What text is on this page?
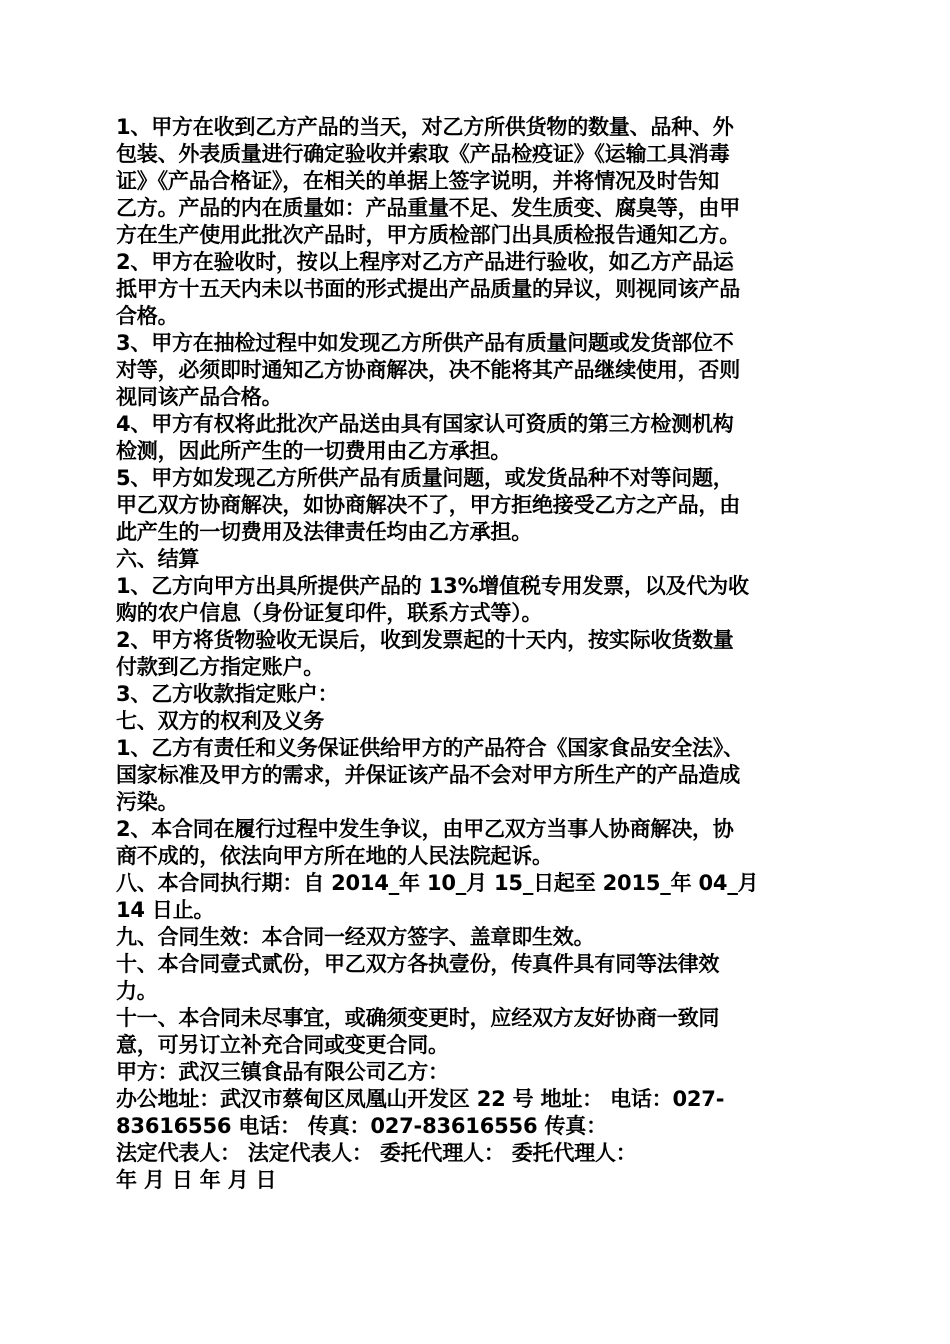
1、甲方在收到乙方产品的当天，对乙方所供货物的数量、品种、外
包装、外表质量进行确定验收并索取《产品检疫证》《运输工具消毒
证》《产品合格证》，在相关的单据上签字说明，并将情况及时告知
乙方。产品的内在质量如：产品重量不足、发生质变、腐臭等，由甲
方在生产使用此批次产品时，甲方质检部门出具质检报告通知乙方。
2、甲方在验收时，按以上程序对乙方产品进行验收，如乙方产品运
抵甲方十五天内未以书面的形式提出产品质量的异议，则视同该产品
合格。
3、甲方在抽检过程中如发现乙方所供产品有质量问题或发货部位不
对等，必须即时通知乙方协商解决，决不能将其产品继续使用，否则
视同该产品合格。
4、甲方有权将此批次产品送由具有国家认可资质的第三方检测机构
检测，因此所产生的一切费用由乙方承担。
5、甲方如发现乙方所供产品有质量问题，或发货品种不对等问题，
甲乙双方协商解决，如协商解决不了，甲方拒绝接受乙方之产品，由
此产生的一切费用及法律责任均由乙方承担。
六、结算
1、乙方向甲方出具所提供产品的 13%增值税专用发票，以及代为收
购的农户信息（身份证复印件，联系方式等）。
2、甲方将货物验收无误后，收到发票起的十天内，按实际收货数量
付款到乙方指定账户。
3、乙方收款指定账户：
七、双方的权利及义务
1、乙方有责任和义务保证供给甲方的产品符合《国家食品安全法》、
国家标准及甲方的需求，并保证该产品不会对甲方所生产的产品造成
污染。
2、本合同在履行过程中发生争议，由甲乙双方当事人协商解决，协
商不成的，依法向甲方所在地的人民法院起诉。
八、本合同执行期：自 2014_年 10_月 15_日起至 2015_年 04_月
14 日止。
九、合同生效：本合同一经双方签字、盖章即生效。
十、本合同壹式贰份，甲乙双方各执壹份，传真件具有同等法律效
力。
十一、本合同未尽事宜，或确须变更时，应经双方友好协商一致同
意，可另订立补充合同或变更合同。
甲方：武汉三镇食品有限公司乙方：
办公地址：武汉市蔡甸区凤凰山开发区 22 号 地址： 电话：027-
83616556 电话： 传真：027-83616556 传真：
法定代表人： 法定代表人： 委托代理人： 委托代理人：
年 月 日 年 月 日
